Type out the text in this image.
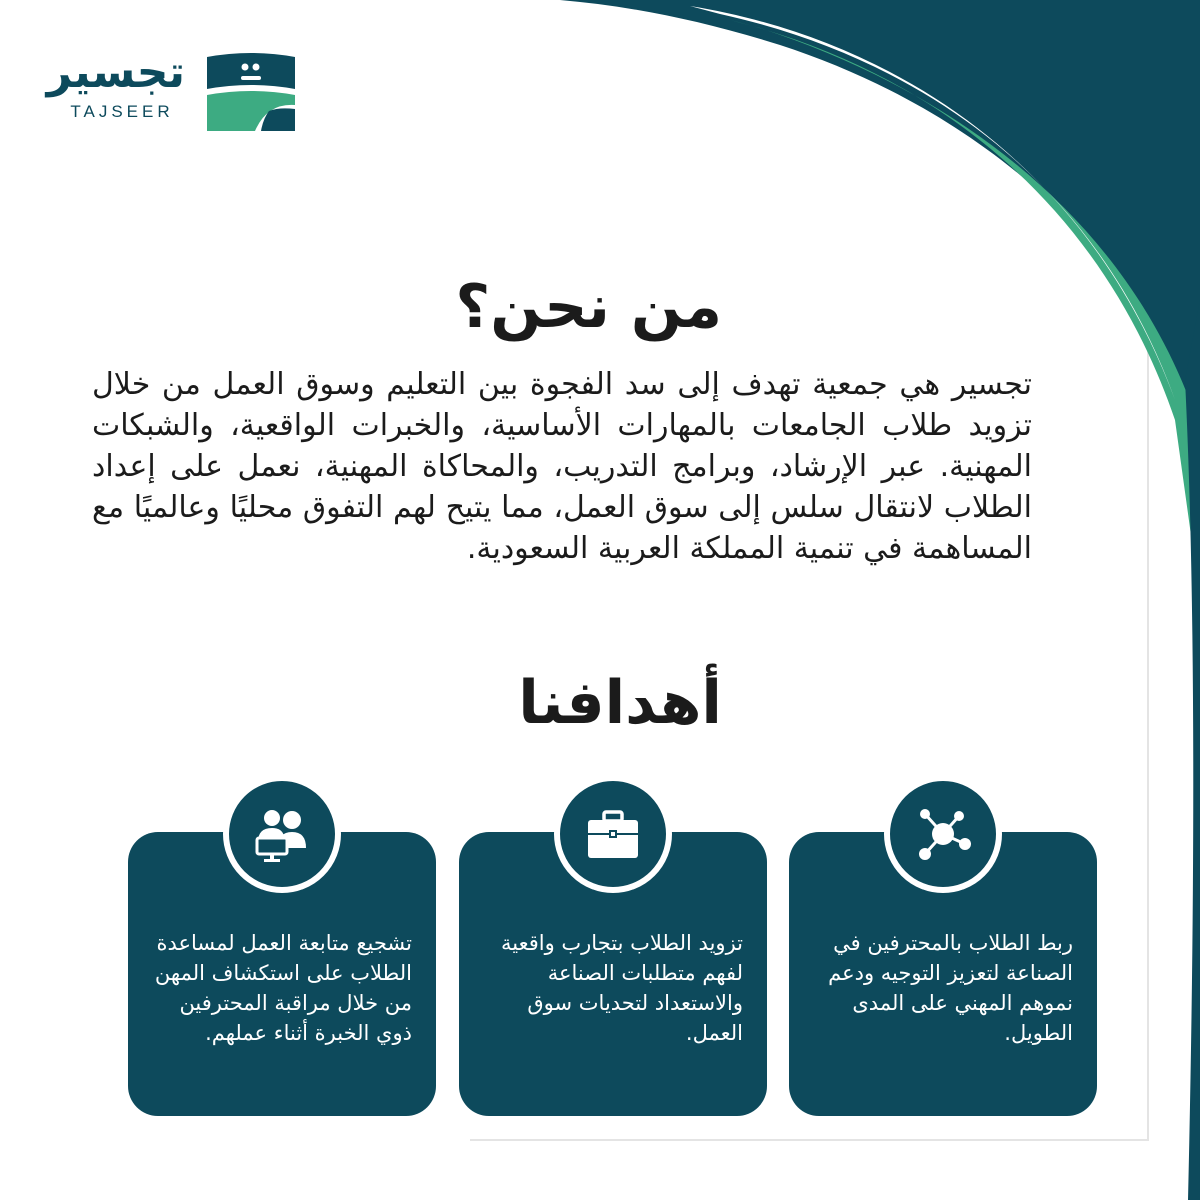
تجسير
TAJSEER
من نحن؟
تجسير هي جمعية تهدف إلى سد الفجوة بين التعليم وسوق العمل من خلال تزويد طلاب الجامعات بالمهارات الأساسية، والخبرات الواقعية، والشبكات المهنية. عبر الإرشاد، وبرامج التدريب، والمحاكاة المهنية، نعمل على إعداد الطلاب لانتقال سلس إلى سوق العمل، مما يتيح لهم التفوق محليًا وعالميًا مع المساهمة في تنمية المملكة العربية السعودية.
أهدافنا
تشجيع متابعة العمل لمساعدة الطلاب على استكشاف المهن من خلال مراقبة المحترفين ذوي الخبرة أثناء عملهم.
تزويد الطلاب بتجارب واقعية لفهم متطلبات الصناعة والاستعداد لتحديات سوق العمل.
ربط الطلاب بالمحترفين في الصناعة لتعزيز التوجيه ودعم نموهم المهني على المدى الطويل.
